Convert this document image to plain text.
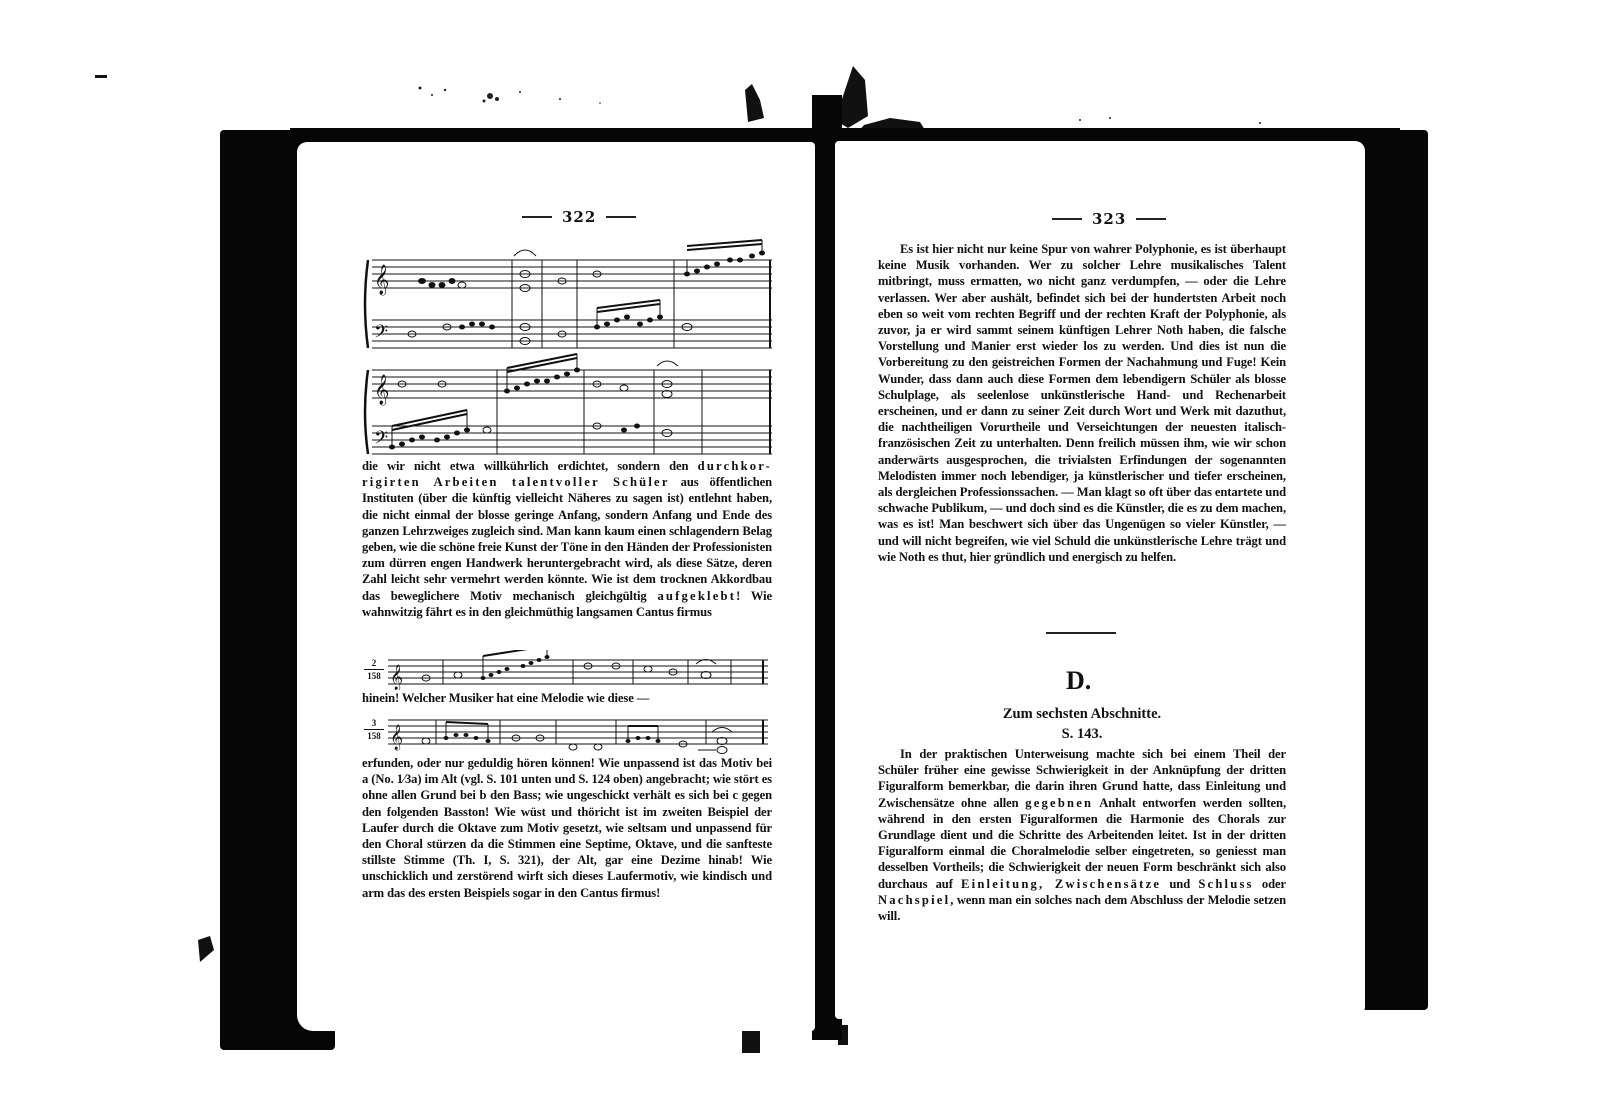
322
𝄞
𝄢
𝄞
𝄢

die wir nicht etwa willkührlich erdichtet, sondern den durchkor-rigirten Arbeiten talentvoller Schüler aus öffentlichen Instituten (über die künftig vielleicht Näheres zu sagen ist) entlehnt haben, die nicht einmal der blosse geringe Anfang, sondern Anfang und Ende des ganzen Lehrzweiges zugleich sind. Man kann kaum einen schlagendern Belag geben, wie die schöne freie Kunst der Töne in den Händen der Professionisten zum dürren engen Handwerk heruntergebracht wird, als diese Sätze, deren Zahl leicht sehr vermehrt werden könnte. Wie ist dem trocknen Akkordbau das beweglichere Motiv mechanisch gleichgültig aufgeklebt! Wie wahnwitzig fährt es in den gleichmüthig langsamen Cantus firmus

2
158 𝄞

hinein! Welcher Musiker hat eine Melodie wie diese —

3
158 𝄞

erfunden, oder nur geduldig hören können! Wie unpassend ist das Motiv bei a (No. 1⁄3a) im Alt (vgl. S. 101 unten und S. 124 oben) angebracht; wie stört es ohne allen Grund bei b den Bass; wie ungeschickt verhält es sich bei c gegen den folgenden Basston! Wie wüst und thöricht ist im zweiten Beispiel der Laufer durch die Oktave zum Motiv gesetzt, wie seltsam und unpassend für den Choral stürzen da die Stimmen eine Septime, Oktave, und die sanfteste stillste Stimme (Th. I, S. 321), der Alt, gar eine Dezime hinab! Wie unschicklich und zerstörend wirft sich dieses Laufermotiv, wie kindisch und arm das des ersten Beispiels sogar in den Cantus firmus!

323

Es ist hier nicht nur keine Spur von wahrer Polyphonie, es ist überhaupt keine Musik vorhanden. Wer zu solcher Lehre musikalisches Talent mitbringt, muss ermatten, wo nicht ganz verdumpfen, — oder die Lehre verlassen. Wer aber aushält, befindet sich bei der hundertsten Arbeit noch eben so weit vom rechten Begriff und der rechten Kraft der Polyphonie, als zuvor, ja er wird sammt seinem künftigen Lehrer Noth haben, die falsche Vorstellung und Manier erst wieder los zu werden. Und dies ist nun die Vorbereitung zu den geistreichen Formen der Nachahmung und Fuge! Kein Wunder, dass dann auch diese Formen dem lebendigern Schüler als blosse Schulplage, als seelenlose unkünstlerische Hand- und Rechenarbeit erscheinen, und er dann zu seiner Zeit durch Wort und Werk mit dazuthut, die nachtheiligen Vorurtheile und Verseichtungen der neuesten italisch-französischen Zeit zu unterhalten. Denn freilich müssen ihm, wie wir schon anderwärts ausgesprochen, die trivialsten Erfindungen der sogenannten Melodisten immer noch lebendiger, ja künstlerischer und tiefer erscheinen, als dergleichen Professionssachen. — Man klagt so oft über das entartete und schwache Publikum, — und doch sind es die Künstler, die es zu dem machen, was es ist! Man beschwert sich über das Ungenügen so vieler Künstler, — und will nicht begreifen, wie viel Schuld die unkünstlerische Lehre trägt und wie Noth es thut, hier gründlich und energisch zu helfen.

D.
Zum sechsten Abschnitte.
S. 143.

In der praktischen Unterweisung machte sich bei einem Theil der Schüler früher eine gewisse Schwierigkeit in der Anknüpfung der dritten Figuralform bemerkbar, die darin ihren Grund hatte, dass Einleitung und Zwischensätze ohne allen gegebnen Anhalt entworfen werden sollten, während in den ersten Figuralformen die Harmonie des Chorals zur Grundlage dient und die Schritte des Arbeitenden leitet. Ist in der dritten Figuralform einmal die Choralmelodie selber eingetreten, so geniesst man desselben Vortheils; die Schwierigkeit der neuen Form beschränkt sich also durchaus auf Einleitung, Zwischensätze und Schluss oder Nachspiel, wenn man ein solches nach dem Abschluss der Melodie setzen will.
